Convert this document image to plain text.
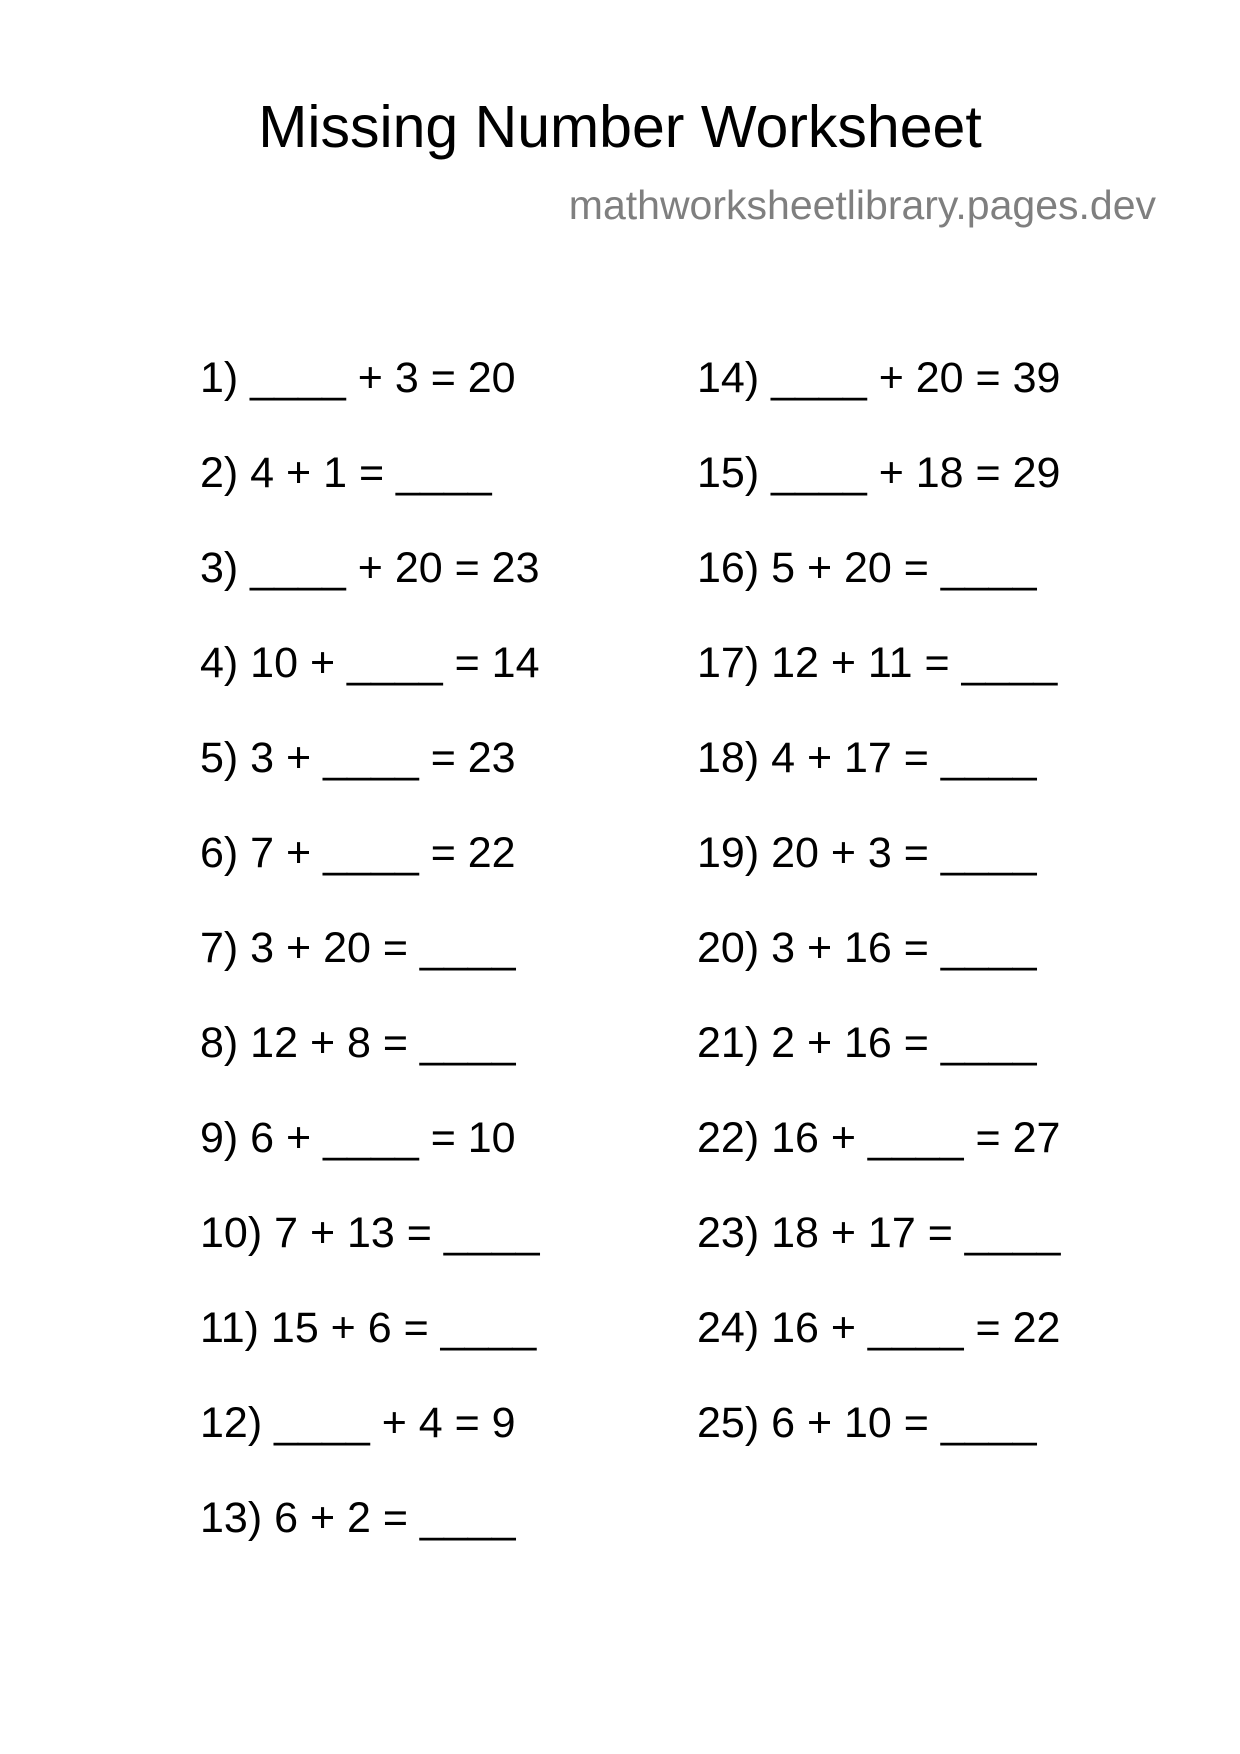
Missing Number Worksheet
mathworksheetlibrary.pages.dev
1) ____ + 3 = 20
2) 4 + 1 = ____
3) ____ + 20 = 23
4) 10 + ____ = 14
5) 3 + ____ = 23
6) 7 + ____ = 22
7) 3 + 20 = ____
8) 12 + 8 = ____
9) 6 + ____ = 10
10) 7 + 13 = ____
11) 15 + 6 = ____
12) ____ + 4 = 9
13) 6 + 2 = ____
14) ____ + 20 = 39
15) ____ + 18 = 29
16) 5 + 20 = ____
17) 12 + 11 = ____
18) 4 + 17 = ____
19) 20 + 3 = ____
20) 3 + 16 = ____
21) 2 + 16 = ____
22) 16 + ____ = 27
23) 18 + 17 = ____
24) 16 + ____ = 22
25) 6 + 10 = ____
